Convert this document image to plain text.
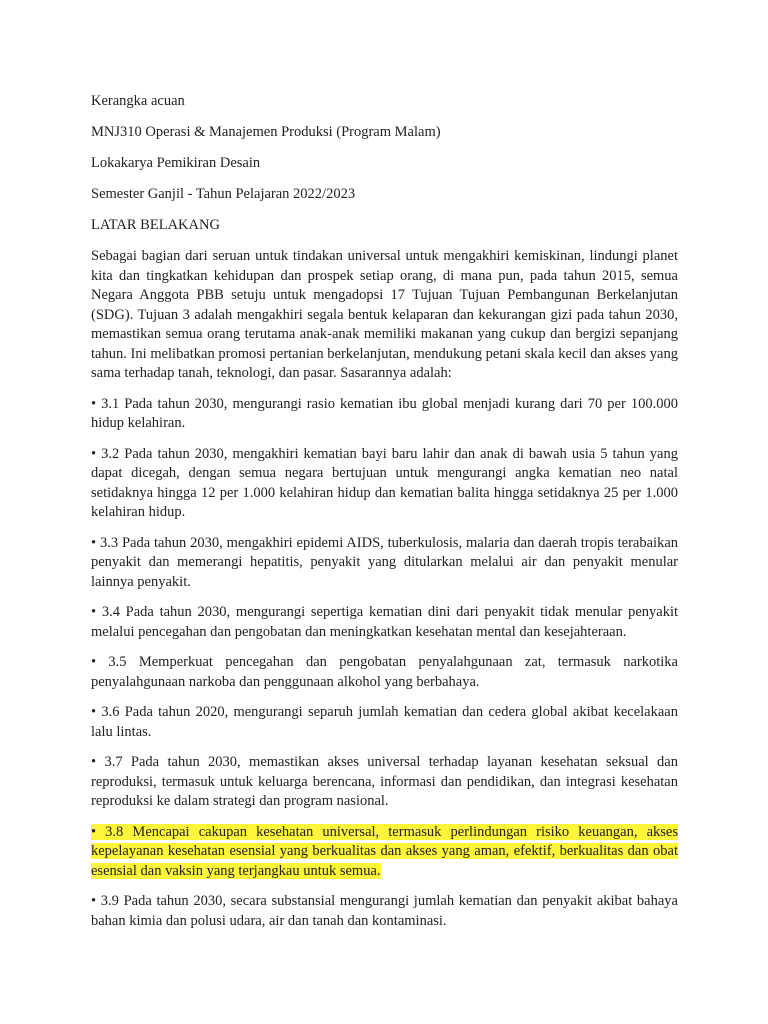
Kerangka acuan

MNJ310 Operasi & Manajemen Produksi (Program Malam)

Lokakarya Pemikiran Desain

Semester Ganjil - Tahun Pelajaran 2022/2023

LATAR BELAKANG

Sebagai bagian dari seruan untuk tindakan universal untuk mengakhiri kemiskinan, lindungi planet kita dan tingkatkan kehidupan dan prospek setiap orang, di mana pun, pada tahun 2015, semua Negara Anggota PBB setuju untuk mengadopsi 17 Tujuan Tujuan Pembangunan Berkelanjutan (SDG). Tujuan 3 adalah mengakhiri segala bentuk kelaparan dan kekurangan gizi pada tahun 2030, memastikan semua orang terutama anak-anak memiliki makanan yang cukup dan bergizi sepanjang tahun. Ini melibatkan promosi pertanian berkelanjutan, mendukung petani skala kecil dan akses yang sama terhadap tanah, teknologi, dan pasar. Sasarannya adalah:

• 3.1 Pada tahun 2030, mengurangi rasio kematian ibu global menjadi kurang dari 70 per 100.000 hidup kelahiran.

• 3.2 Pada tahun 2030, mengakhiri kematian bayi baru lahir dan anak di bawah usia 5 tahun yang dapat dicegah, dengan semua negara bertujuan untuk mengurangi angka kematian neo natal setidaknya hingga 12 per 1.000 kelahiran hidup dan kematian balita hingga setidaknya 25 per 1.000 kelahiran hidup.

• 3.3 Pada tahun 2030, mengakhiri epidemi AIDS, tuberkulosis, malaria dan daerah tropis terabaikan penyakit dan memerangi hepatitis, penyakit yang ditularkan melalui air dan penyakit menular lainnya penyakit.

• 3.4 Pada tahun 2030, mengurangi sepertiga kematian dini dari penyakit tidak menular penyakit melalui pencegahan dan pengobatan dan meningkatkan kesehatan mental dan kesejahteraan.

• 3.5 Memperkuat pencegahan dan pengobatan penyalahgunaan zat, termasuk narkotika penyalahgunaan narkoba dan penggunaan alkohol yang berbahaya.

• 3.6 Pada tahun 2020, mengurangi separuh jumlah kematian dan cedera global akibat kecelakaan lalu lintas.

• 3.7 Pada tahun 2030, memastikan akses universal terhadap layanan kesehatan seksual dan reproduksi, termasuk untuk keluarga berencana, informasi dan pendidikan, dan integrasi kesehatan reproduksi ke dalam strategi dan program nasional.

• 3.8 Mencapai cakupan kesehatan universal, termasuk perlindungan risiko keuangan, akses kepelayanan kesehatan esensial yang berkualitas dan akses yang aman, efektif, berkualitas dan obat esensial dan vaksin yang terjangkau untuk semua.

• 3.9 Pada tahun 2030, secara substansial mengurangi jumlah kematian dan penyakit akibat bahaya bahan kimia dan polusi udara, air dan tanah dan kontaminasi.
